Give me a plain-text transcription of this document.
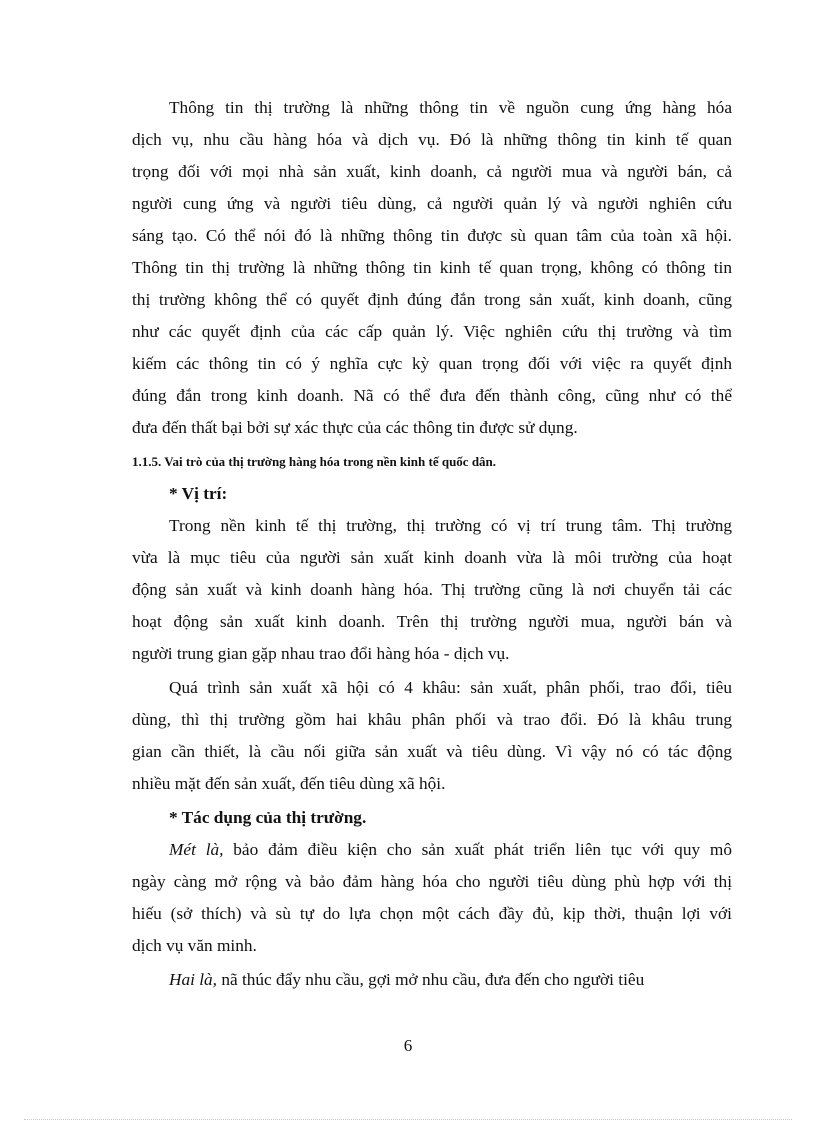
Thông tin thị trường là những thông tin về nguồn cung ứng hàng hóa
dịch vụ, nhu cầu hàng hóa và dịch vụ. Đó là những thông tin kinh tế quan
trọng đối với mọi nhà sản xuất, kinh doanh, cả người mua và người bán, cả
người cung ứng và người tiêu dùng, cả người quản lý và người nghiên cứu
sáng tạo. Có thể nói đó là những thông tin được sù quan tâm của toàn xã hội.
Thông tin thị trường là những thông tin kinh tế quan trọng, không có thông tin
thị trường không thể có quyết định đúng đắn trong sản xuất, kinh doanh, cũng
như các quyết định của các cấp quản lý. Việc nghiên cứu thị trường và tìm
kiếm các thông tin có ý nghĩa cực kỳ quan trọng đối với việc ra quyết định
đúng đắn trong kinh doanh. Nã có thể đưa đến thành công, cũng như có thể
đưa đến thất bại bởi sự xác thực của các thông tin được sử dụng.
1.1.5. Vai trò của thị trường hàng hóa trong nền kinh tế quốc dân.
* Vị trí:
Trong nền kinh tế thị trường, thị trường có vị trí trung tâm. Thị trường
vừa là mục tiêu của người sản xuất kinh doanh vừa là môi trường của hoạt
động sản xuất và kinh doanh hàng hóa. Thị trường cũng là nơi chuyển tải các
hoạt động sản xuất kinh doanh. Trên thị trường người mua, người bán và
người trung gian gặp nhau trao đổi hàng hóa - dịch vụ.
Quá trình sản xuất xã hội có 4 khâu: sản xuất, phân phối, trao đổi, tiêu
dùng, thì thị trường gồm hai khâu phân phối và trao đổi. Đó là khâu trung
gian cần thiết, là cầu nối giữa sản xuất và tiêu dùng. Vì vậy nó có tác động
nhiều mặt đến sản xuất, đến tiêu dùng xã hội.
* Tác dụng của thị trường.
Mét là, bảo đảm điều kiện cho sản xuất phát triển liên tục với quy mô
ngày càng mở rộng và bảo đảm hàng hóa cho người tiêu dùng phù hợp với thị
hiếu (sở thích) và sù tự do lựa chọn một cách đầy đủ, kịp thời, thuận lợi với
dịch vụ văn minh.
Hai là, nã thúc đẩy nhu cầu, gợi mở nhu cầu, đưa đến cho người tiêu
6
